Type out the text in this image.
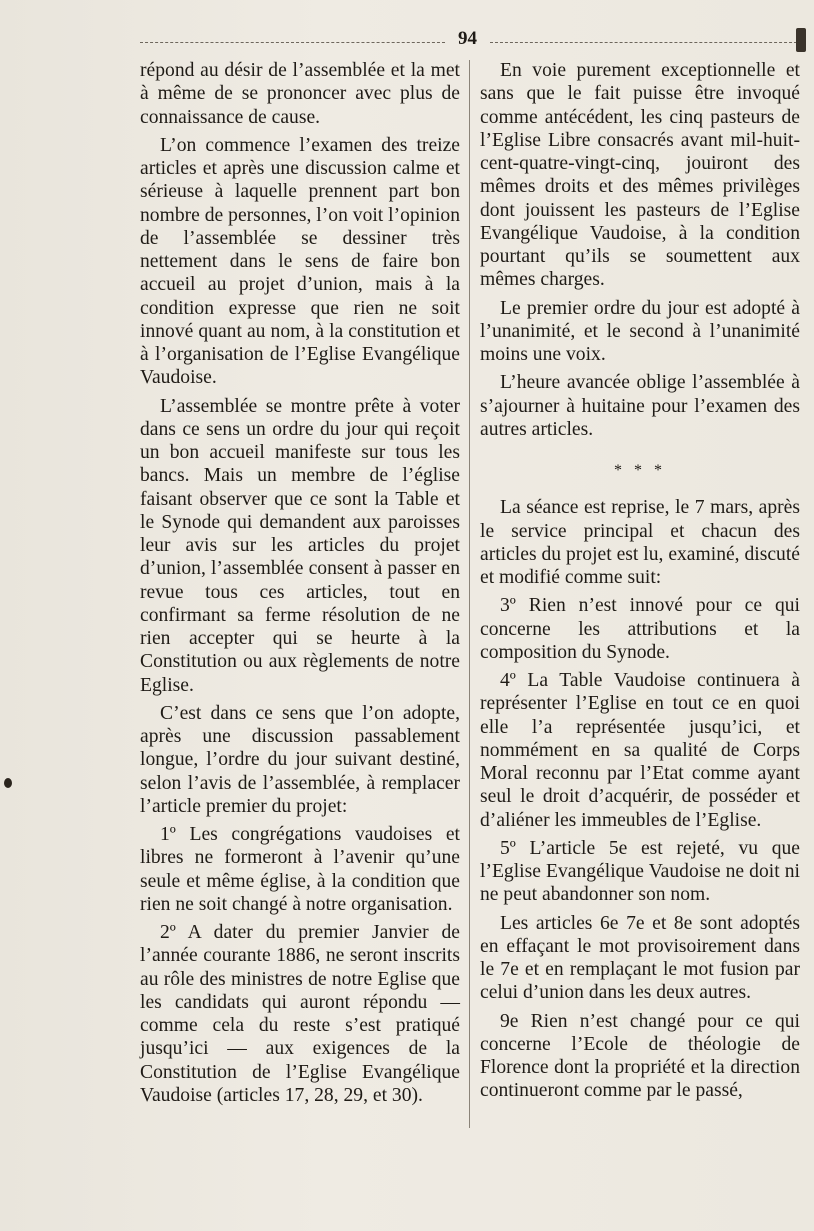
94

répond au désir de l’assemblée et la met à même de se prononcer avec plus de connaissance de cause.

L’on commence l’examen des treize articles et après une discussion calme et sérieuse à laquelle prennent part bon nombre de personnes, l’on voit l’opinion de l’assemblée se dessiner très nettement dans le sens de faire bon accueil au projet d’union, mais à la condition expresse que rien ne soit innové quant au nom, à la constitution et à l’organisation de l’Eglise Evangélique Vaudoise.

L’assemblée se montre prête à voter dans ce sens un ordre du jour qui reçoit un bon accueil manifeste sur tous les bancs. Mais un membre de l’église faisant observer que ce sont la Table et le Synode qui demandent aux paroisses leur avis sur les articles du projet d’union, l’assemblée consent à passer en revue tous ces articles, tout en confirmant sa ferme résolution de ne rien accepter qui se heurte à la Constitution ou aux règlements de notre Eglise.

C’est dans ce sens que l’on adopte, après une discussion passablement longue, l’ordre du jour suivant destiné, selon l’avis de l’assemblée, à remplacer l’article premier du projet:

1º Les congrégations vaudoises et libres ne formeront à l’avenir qu’une seule et même église, à la condition que rien ne soit changé à notre organisation.

2º A dater du premier Janvier de l’année courante 1886, ne seront inscrits au rôle des ministres de notre Eglise que les candidats qui auront répondu — comme cela du reste s’est pratiqué jusqu’ici — aux exigences de la Constitution de l’Eglise Evangélique Vaudoise (articles 17, 28, 29, et 30).

En voie purement exceptionnelle et sans que le fait puisse être invoqué comme antécédent, les cinq pasteurs de l’Eglise Libre consacrés avant mil-huit-cent-quatre-vingt-cinq, jouiront des mêmes droits et des mêmes privilèges dont jouissent les pasteurs de l’Eglise Evangélique Vaudoise, à la condition pourtant qu’ils se soumettent aux mêmes charges.

Le premier ordre du jour est adopté à l’unanimité, et le second à l’unanimité moins une voix.

L’heure avancée oblige l’assemblée à s’ajourner à huitaine pour l’examen des autres articles.

* * *

La séance est reprise, le 7 mars, après le service principal et chacun des articles du projet est lu, examiné, discuté et modifié comme suit:

3º Rien n’est innové pour ce qui concerne les attributions et la composition du Synode.

4º La Table Vaudoise continuera à représenter l’Eglise en tout ce en quoi elle l’a représentée jusqu’ici, et nommément en sa qualité de Corps Moral reconnu par l’Etat comme ayant seul le droit d’acquérir, de posséder et d’aliéner les immeubles de l’Eglise.

5º L’article 5e est rejeté, vu que l’Eglise Evangélique Vaudoise ne doit ni ne peut abandonner son nom.

Les articles 6e 7e et 8e sont adoptés en effaçant le mot provisoirement dans le 7e et en remplaçant le mot fusion par celui d’union dans les deux autres.

9e Rien n’est changé pour ce qui concerne l’Ecole de théologie de Florence dont la propriété et la direction continueront comme par le passé,
